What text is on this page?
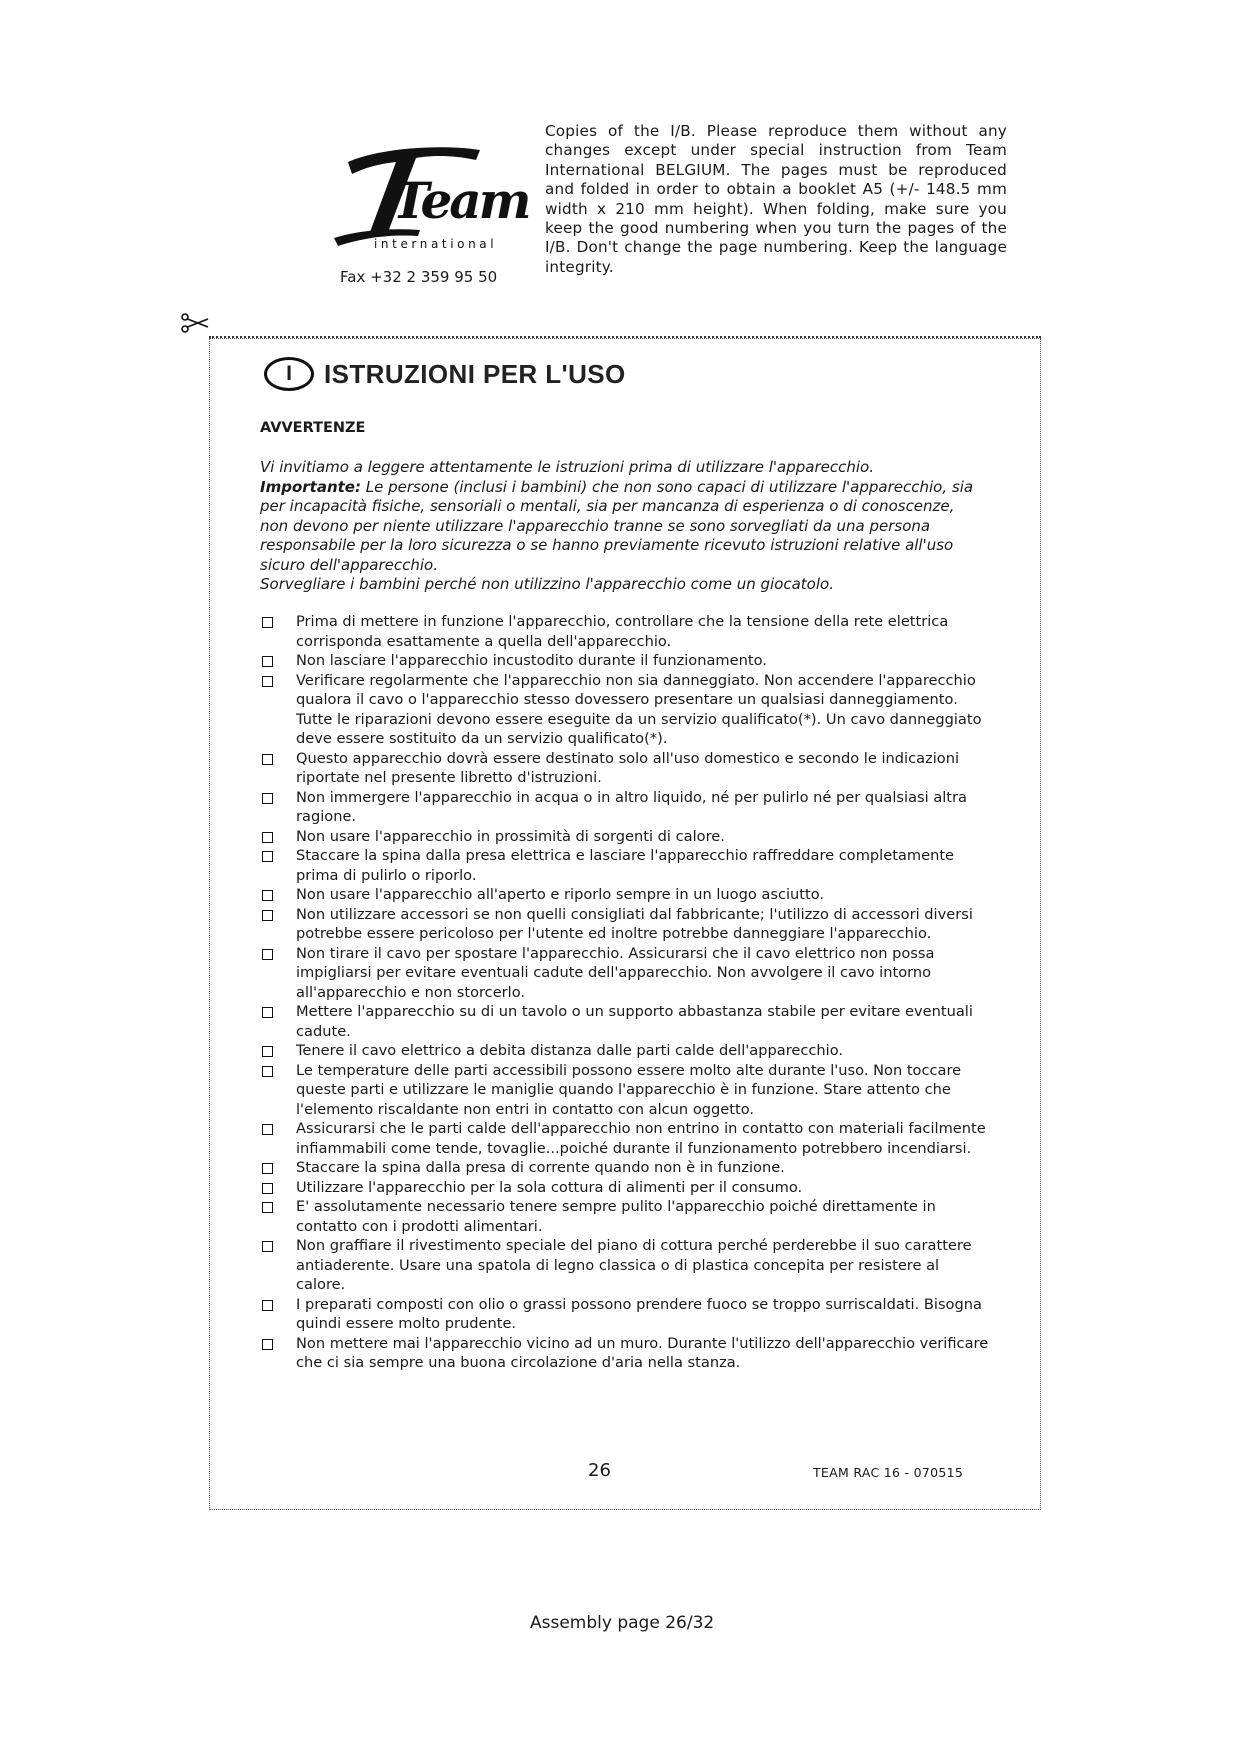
Team
international
Fax +32 2 359 95 50
Copies of the I/B. Please reproduce them without any changes except under special instruction from Team International BELGIUM. The pages must be reproduced and folded in order to obtain a booklet A5 (+/- 148.5 mm width x 210 mm height). When folding, make sure you keep the good numbering when you turn the pages of the I/B. Don't change the page numbering. Keep the language integrity.
I	ISTRUZIONI PER L'USO
AVVERTENZE

Vi invitiamo a leggere attentamente le istruzioni prima di utilizzare l'apparecchio.

Importante: Le persone (inclusi i bambini) che non sono capaci di utilizzare l'apparecchio, sia per incapacità fisiche, sensoriali o mentali, sia per mancanza di esperienza o di conoscenze, non devono per niente utilizzare l'apparecchio tranne se sono sorvegliati da una persona responsabile per la loro sicurezza o se hanno previamente ricevuto istruzioni relative all'uso sicuro dell'apparecchio.

Sorvegliare i bambini perché non utilizzino l'apparecchio come un giocatolo.

Prima di mettere in funzione l'apparecchio, controllare che la tensione della rete elettrica corrisponda esattamente a quella dell'apparecchio.
Non lasciare l'apparecchio incustodito durante il funzionamento.
Verificare regolarmente che l'apparecchio non sia danneggiato. Non accendere l'apparecchio qualora il cavo o l'apparecchio stesso dovessero presentare un qualsiasi danneggiamento. Tutte le riparazioni devono essere eseguite da un servizio qualificato(*). Un cavo danneggiato deve essere sostituito da un servizio qualificato(*).
Questo apparecchio dovrà essere destinato solo all'uso domestico e secondo le indicazioni riportate nel presente libretto d'istruzioni.
Non immergere l'apparecchio in acqua o in altro liquido, né per pulirlo né per qualsiasi altra ragione.
Non usare l'apparecchio in prossimità di sorgenti di calore.
Staccare la spina dalla presa elettrica e lasciare l'apparecchio raffreddare completamente prima di pulirlo o riporlo.
Non usare l'apparecchio all'aperto e riporlo sempre in un luogo asciutto.
Non utilizzare accessori se non quelli consigliati dal fabbricante; l'utilizzo di accessori diversi potrebbe essere pericoloso per l'utente ed inoltre potrebbe danneggiare l'apparecchio.
Non tirare il cavo per spostare l'apparecchio. Assicurarsi che il cavo elettrico non possa impigliarsi per evitare eventuali cadute dell'apparecchio. Non avvolgere il cavo intorno all'apparecchio e non storcerlo.
Mettere l'apparecchio su di un tavolo o un supporto abbastanza stabile per evitare eventuali cadute.
Tenere il cavo elettrico a debita distanza dalle parti calde dell'apparecchio.
Le temperature delle parti accessibili possono essere molto alte durante l'uso. Non toccare queste parti e utilizzare le maniglie quando l'apparecchio è in funzione. Stare attento che l'elemento riscaldante non entri in contatto con alcun oggetto.
Assicurarsi che le parti calde dell'apparecchio non entrino in contatto con materiali facilmente infiammabili come tende, tovaglie...poiché durante il funzionamento potrebbero incendiarsi.
Staccare la spina dalla presa di corrente quando non è in funzione.
Utilizzare l'apparecchio per la sola cottura di alimenti per il consumo.
E' assolutamente necessario tenere sempre pulito l'apparecchio poiché direttamente in contatto con i prodotti alimentari.
Non graffiare il rivestimento speciale del piano di cottura perché perderebbe il suo carattere antiaderente. Usare una spatola di legno classica o di plastica concepita per resistere al calore.
I preparati composti con olio o grassi possono prendere fuoco se troppo surriscaldati. Bisogna quindi essere molto prudente.
Non mettere mai l'apparecchio vicino ad un muro. Durante l'utilizzo dell'apparecchio verificare che ci sia sempre una buona circolazione d'aria nella stanza.
26	TEAM RAC 16 - 070515
Assembly page 26/32
